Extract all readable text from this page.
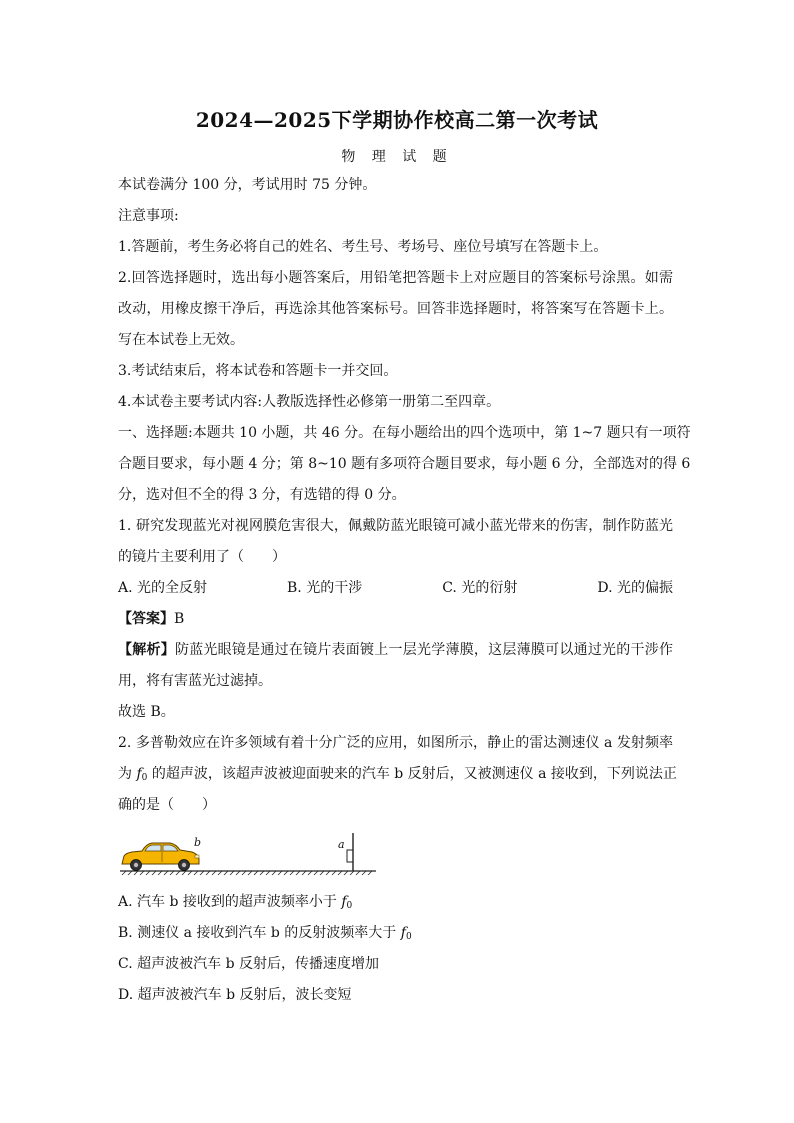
2024—2025下学期协作校高二第一次考试
物 理 试 题
本试卷满分 100 分，考试用时 75 分钟。
注意事项:
1.答题前，考生务必将自己的姓名、考生号、考场号、座位号填写在答题卡上。
2.回答选择题时，选出每小题答案后，用铅笔把答题卡上对应题目的答案标号涂黑。如需
改动，用橡皮擦干净后，再选涂其他答案标号。回答非选择题时，将答案写在答题卡上。
写在本试卷上无效。
3.考试结束后，将本试卷和答题卡一并交回。
4.本试卷主要考试内容:人教版选择性必修第一册第二至四章。
一、选择题:本题共 10 小题，共 46 分。在每小题给出的四个选项中，第 1~7 题只有一项符
合题目要求，每小题 4 分；第 8~10 题有多项符合题目要求，每小题 6 分，全部选对的得 6
分，选对但不全的得 3 分，有选错的得 0 分。
1. 研究发现蓝光对视网膜危害很大，佩戴防蓝光眼镜可减小蓝光带来的伤害，制作防蓝光
的镜片主要利用了（　　）
A. 光的全反射	B. 光的干涉	C. 光的衍射	D. 光的偏振
【答案】B
【解析】防蓝光眼镜是通过在镜片表面镀上一层光学薄膜，这层薄膜可以通过光的干涉作
用，将有害蓝光过滤掉。
故选 B。
2. 多普勒效应在许多领域有着十分广泛的应用，如图所示，静止的雷达测速仪 a 发射频率
为 $f_0$ 的超声波，该超声波被迎面驶来的汽车 b 反射后，又被测速仪 a 接收到，下列说法正
确的是（　　）
b	a
A. 汽车 b 接收到的超声波频率小于 $f_0$
B. 测速仪 a 接收到汽车 b 的反射波频率大于 $f_0$
C. 超声波被汽车 b 反射后，传播速度增加
D. 超声波被汽车 b 反射后，波长变短
